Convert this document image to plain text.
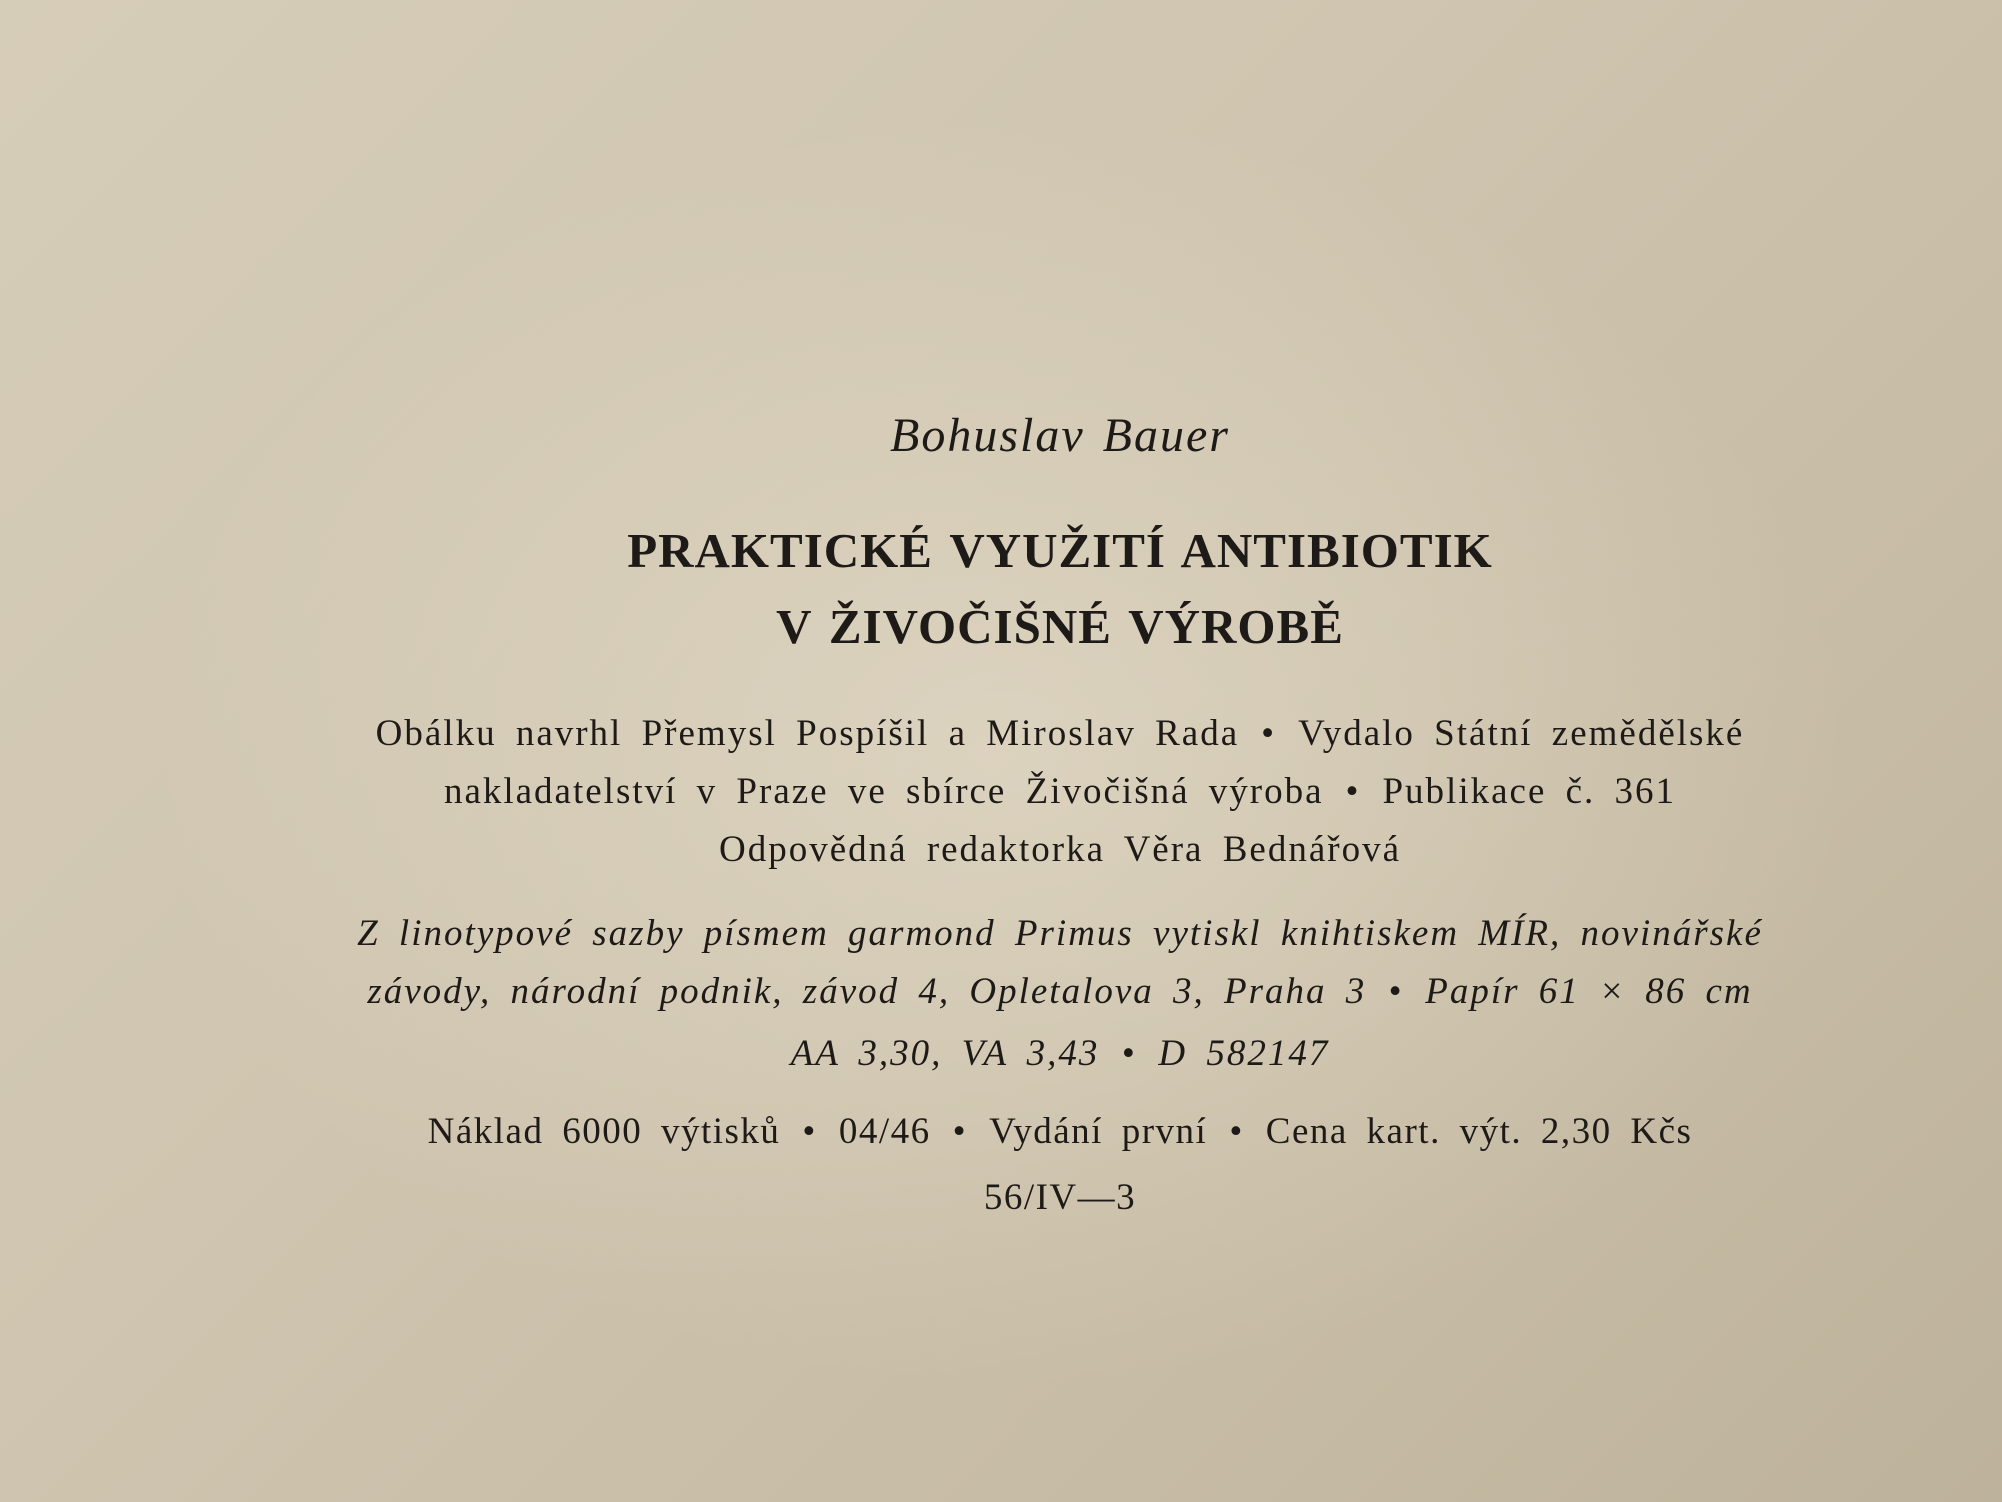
Bohuslav Bauer
PRAKTICKÉ VYUŽITÍ ANTIBIOTIK
V ŽIVOČIŠNÉ VÝROBĚ
Obálku navrhl Přemysl Pospíšil a Miroslav Rada • Vydalo Státní zemědělské
nakladatelství v Praze ve sbírce Živočišná výroba • Publikace č. 361
Odpovědná redaktorka Věra Bednářová
Z linotypové sazby písmem garmond Primus vytiskl knihtiskem MÍR, novinářské
závody, národní podnik, závod 4, Opletalova 3, Praha 3 • Papír 61 × 86 cm
AA 3,30, VA 3,43 • D 582147
Náklad 6000 výtisků • 04/46 • Vydání první • Cena kart. výt. 2,30 Kčs
56/IV—3
